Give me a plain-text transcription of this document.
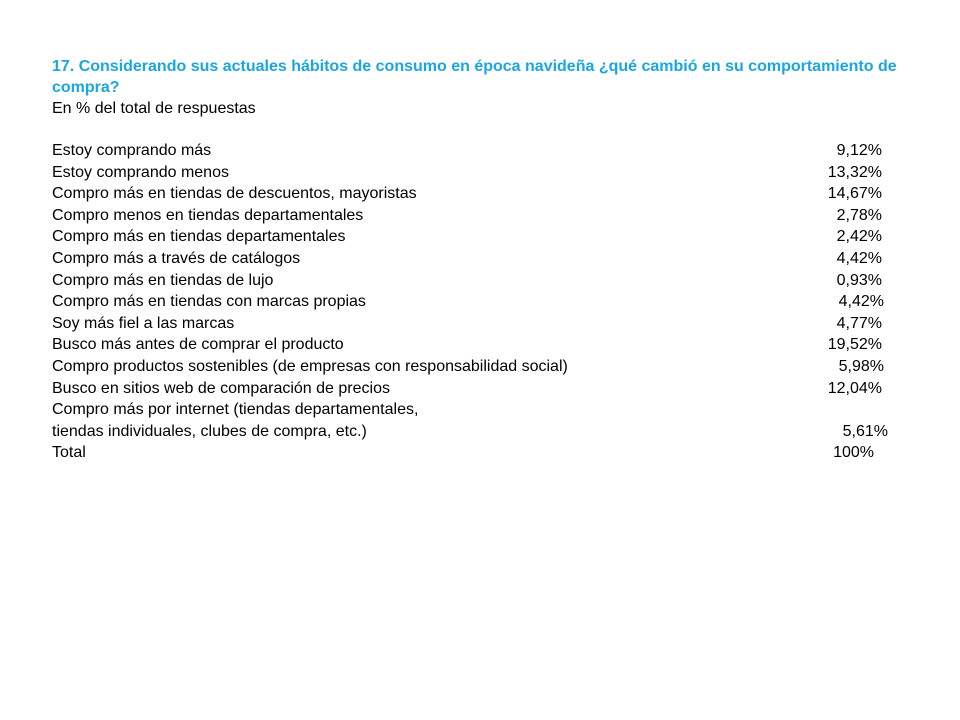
17. Considerando sus actuales hábitos de consumo en época navideña ¿qué cambió en su comportamiento de compra?

En % del total de respuestas

Estoy comprando más	9,12%
Estoy comprando menos	13,32%
Compro más en tiendas de descuentos, mayoristas	14,67%
Compro menos en tiendas departamentales	2,78%
Compro más en tiendas departamentales	2,42%
Compro más a través de catálogos	4,42%
Compro más en tiendas de lujo	0,93%
Compro más en tiendas con marcas propias	4,42%
Soy más fiel a las marcas	4,77%
Busco más antes de comprar el producto	19,52%
Compro productos sostenibles (de empresas con responsabilidad social)	5,98%
Busco en sitios web de comparación de precios	12,04%
Compro más por internet (tiendas departamentales,
tiendas individuales, clubes de compra, etc.)	5,61%
Total	100%
